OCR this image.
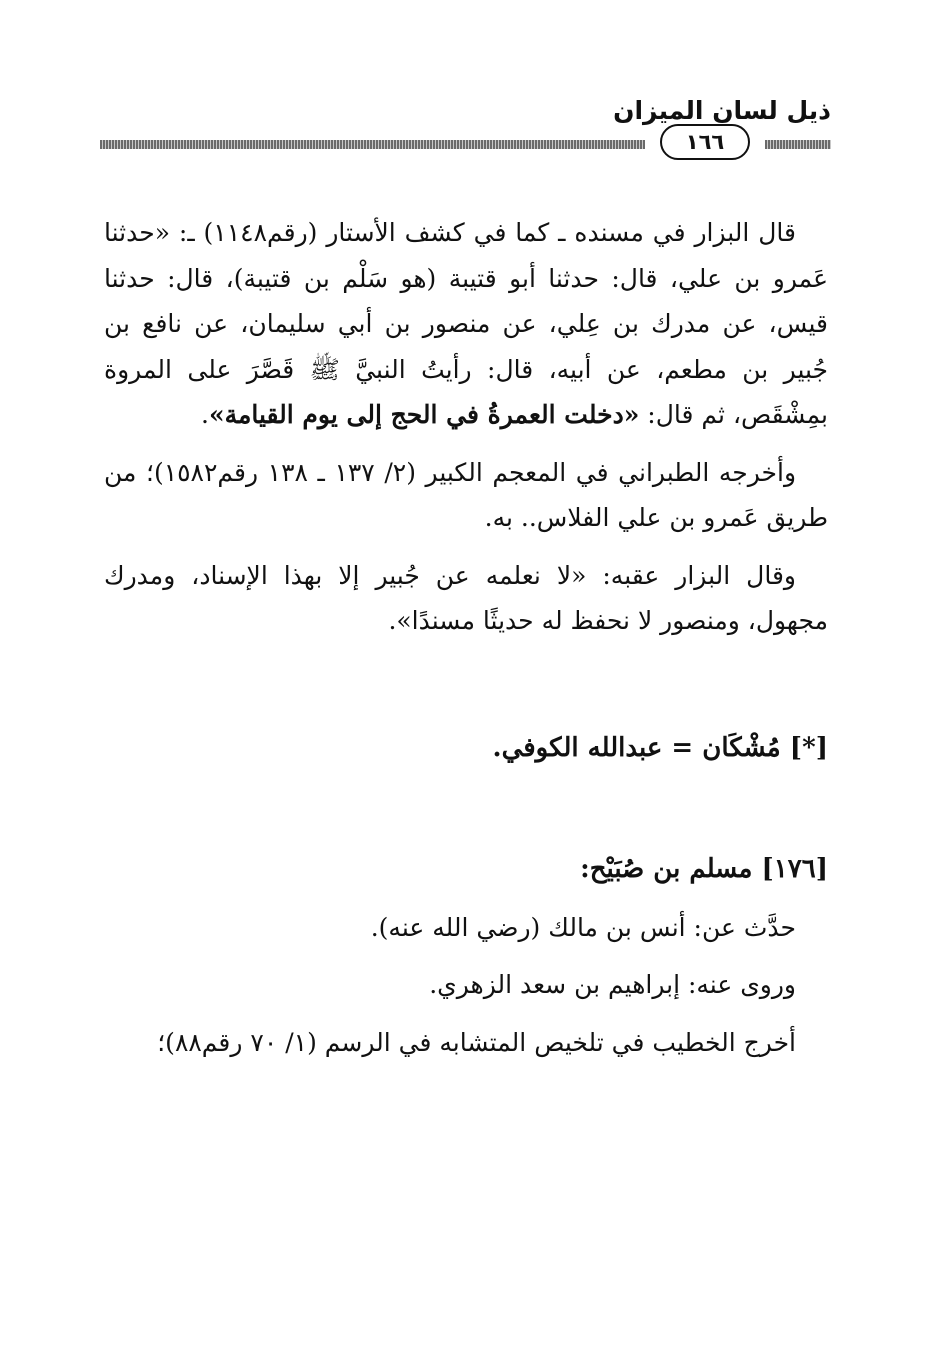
ذيل لسان الميزان
١٦٦

قال البزار في مسنده ـ كما في كشف الأستار (رقم١١٤٨) ـ: «حدثنا عَمرو بن علي، قال: حدثنا أبو قتيبة (هو سَلْم بن قتيبة)، قال: حدثنا قيس، عن مدرك بن عِلي، عن منصور بن أبي سليمان، عن نافع بن جُبير بن مطعم، عن أبيه، قال: رأيتُ النبيَّ ﷺ قَصَّرَ على المروة بمِشْقَص، ثم قال: «دخلت العمرةُ في الحج إلى يوم القيامة».

وأخرجه الطبراني في المعجم الكبير (٢/ ١٣٧ ـ ١٣٨ رقم١٥٨٢)؛ من طريق عَمرو بن علي الفلاس.. به.

وقال البزار عقبه: «لا نعلمه عن جُبير إلا بهذا الإسناد، ومدرك مجهول، ومنصور لا نحفظ له حديثًا مسندًا».

[*] مُشْكَان = عبدالله الكوفي.

[١٧٦] مسلم بن صُبَيْح:

حدَّث عن: أنس بن مالك (رضي الله عنه).

وروى عنه: إبراهيم بن سعد الزهري.

أخرج الخطيب في تلخيص المتشابه في الرسم (١/ ٧٠ رقم٨٨)؛
